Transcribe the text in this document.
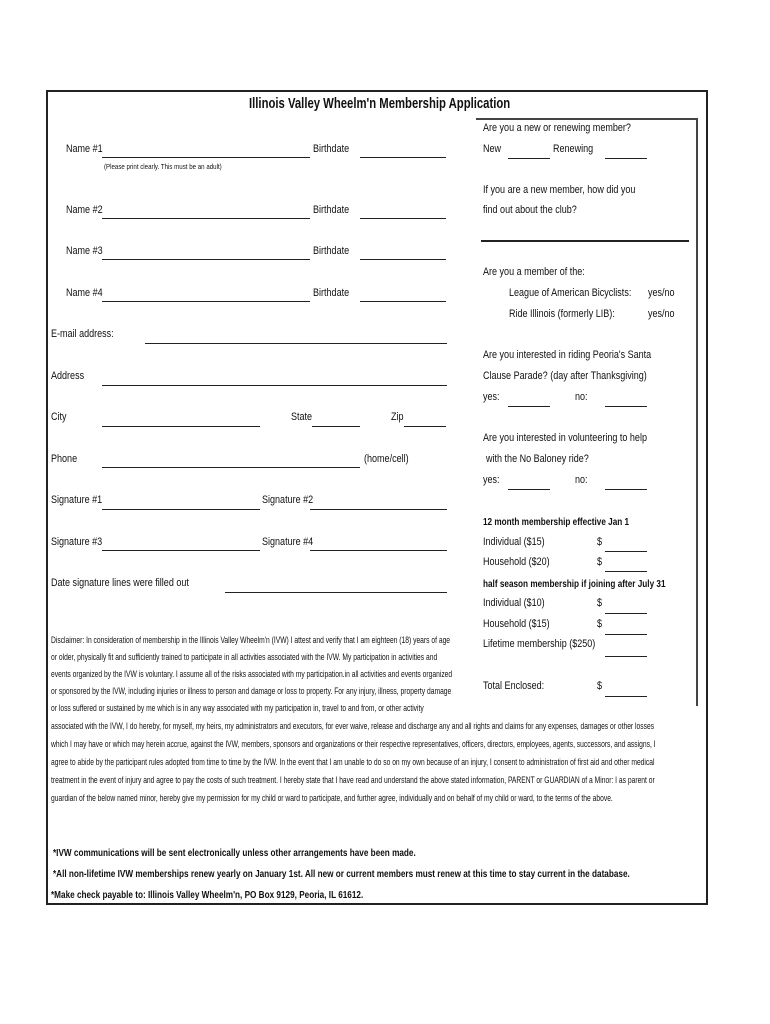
Illinois Valley Wheelm'n Membership Application
Name #1	Birthdate
(Please print clearly. This must be an adult)
Name #2	Birthdate
Name #3	Birthdate
Name #4	Birthdate
E-mail address:
Address
City	State	Zip
Phone	(home/cell)
Signature #1	Signature #2
Signature #3	Signature #4
Date signature lines were filled out
Are you a new or renewing member?
New	Renewing
If you are a new member, how did you
find out about the club?
Are you a member of the:
League of American Bicyclists: yes/no
Ride Illinois (formerly LIB):	yes/no
Are you interested in riding Peoria's Santa
Clause Parade? (day after Thanksgiving)
yes:	no:
Are you interested in volunteering to help
with the No Baloney ride?
yes:	no:
12 month membership effective Jan 1
Individual ($15)	$
Household ($20)	$
half season membership if joining after July 31
Individual ($10)	$
Household ($15)	$
Lifetime membership ($250)
Total Enclosed:	$
Disclaimer: In consideration of membership in the Illinois Valley Wheelm'n (IVW) I attest and verify that I am eighteen (18) years of age
or older, physically fit and sufficiently trained to participate in all activities associated with the IVW. My participation in activities and
events organized by the IVW is voluntary. I assume all of the risks associated with my participation.in all activities and events organized
or sponsored by the IVW, including injuries or illness to person and damage or loss to property. For any injury, illness, property damage
or loss suffered or sustained by me which is in any way associated with my participation in, travel to and from, or other activity
associated with the IVW, I do hereby, for myself, my heirs, my administrators and executors, for ever waive, release and discharge any and all rights and claims for any expenses, damages or other losses
which I may have or which may herein accrue, against the IVW, members, sponsors and organizations or their respective representatives, officers, directors, employees, agents, successors, and assigns, I
agree to abide by the participant rules adopted from time to time by the IVW. In the event that I am unable to do so on my own because of an injury, I consent to administration of first aid and other medical
treatment in the event of injury and agree to pay the costs of such treatment. I hereby state that I have read and understand the above stated information, PARENT or GUARDIAN of a Minor: I as parent or
guardian of the below named minor, hereby give my permission for my child or ward to participate, and further agree, individually and on behalf of my child or ward, to the terms of the above.
*IVW communications will be sent electronically unless other arrangements have been made.
*All non-lifetime IVW memberships renew yearly on January 1st. All new or current members must renew at this time to stay current in the database.
*Make check payable to: Illinois Valley Wheelm'n, PO Box 9129, Peoria, IL 61612.
